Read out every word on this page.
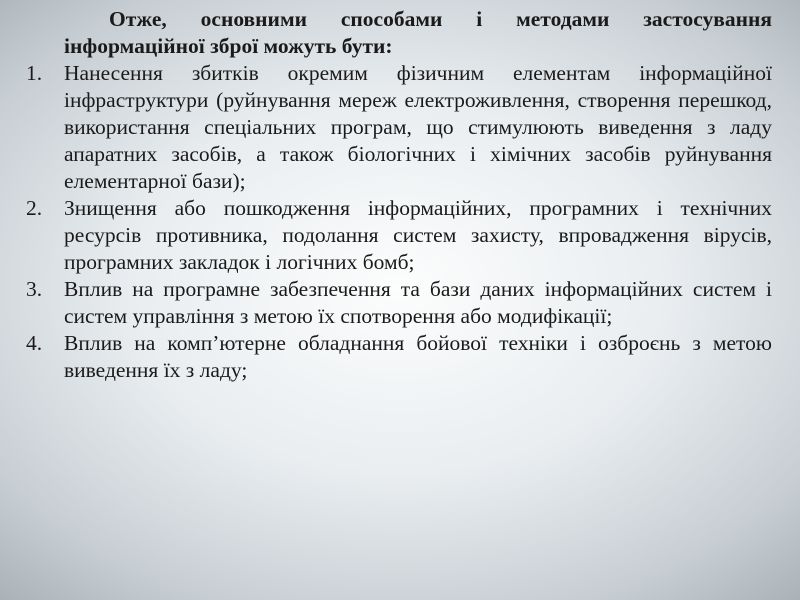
Отже, основними способами і методами застосування інформаційної зброї можуть бути:

1.	Нанесення збитків окремим фізичним елементам інформаційної інфраструктури (руйнування мереж електроживлення, створення перешкод, використання спеціальних програм, що стимулюють виведення з ладу апаратних засобів, а також біологічних і хімічних засобів руйнування елементарної бази);
2.	Знищення або пошкодження інформаційних, програмних і технічних ресурсів противника, подолання систем захисту, впровадження вірусів, програмних закладок і логічних бомб;
3.	Вплив на програмне забезпечення та бази даних інформаційних систем і систем управління з метою їх спотворення або модифікації;
4.	Вплив на комп’ютерне обладнання бойової техніки і озброєнь з метою виведення їх з ладу;
